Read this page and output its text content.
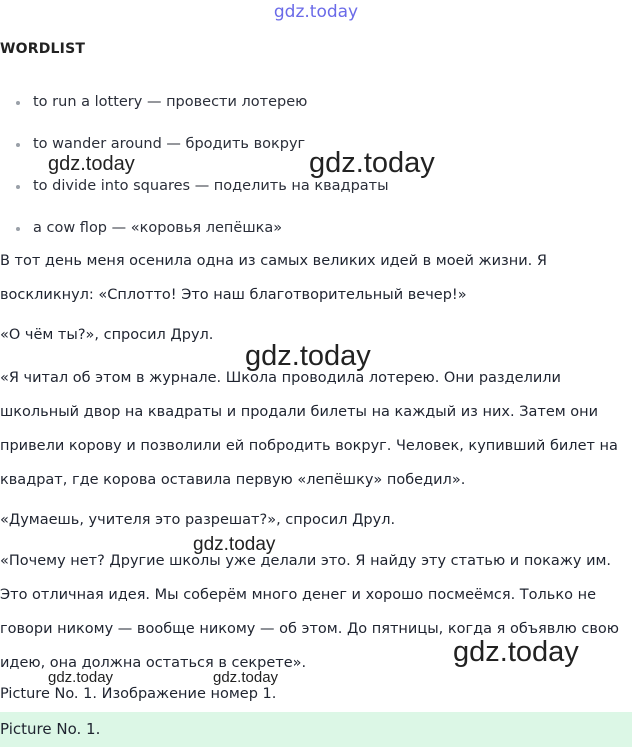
gdz.today
WORDLIST
to run a lottery — провести лотерею
to wander around — бродить вокруг
to divide into squares — поделить на квадраты
a cow flop — «коровья лепёшка»

В тот день меня осенила одна из самых великих идей в моей жизни. Я воскликнул: «Сплотто! Это наш благотворительный вечер!»

«О чём ты?», спросил Друл.

«Я читал об этом в журнале. Школа проводила лотерею. Они разделили школьный двор на квадраты и продали билеты на каждый из них. Затем они привели корову и позволили ей побродить вокруг. Человек, купивший билет на квадрат, где корова оставила первую «лепёшку» победил».

«Думаешь, учителя это разрешат?», спросил Друл.

«Почему нет? Другие школы уже делали это. Я найду эту статью и покажу им. Это отличная идея. Мы соберём много денег и хорошо посмеёмся. Только не говори никому — вообще никому — об этом. До пятницы, когда я объявлю свою идею, она должна остаться в секрете».

Picture No. 1. Изображение номер 1.
Picture No. 1.
gdz.today	gdz.today
gdz.today
gdz.today
gdz.today
gdz.today	gdz.today
